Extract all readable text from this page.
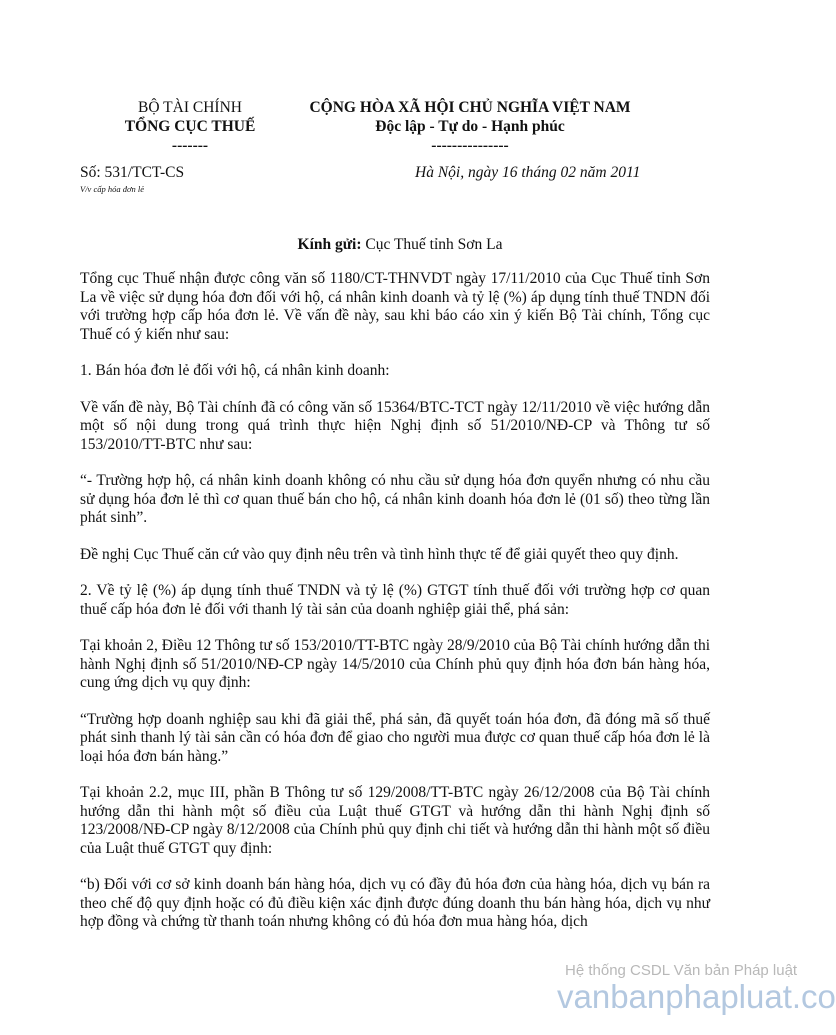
BỘ TÀI CHÍNH
TỔNG CỤC THUẾ
-------
CỘNG HÒA XÃ HỘI CHỦ NGHĨA VIỆT NAM
Độc lập - Tự do - Hạnh phúc
---------------
Số: 531/TCT-CS
V/v cấp hóa đơn lẻ
Hà Nội, ngày 16 tháng 02 năm 2011
Kính gửi: Cục Thuế tỉnh Sơn La

Tổng cục Thuế nhận được công văn số 1180/CT-THNVDT ngày 17/11/2010 của Cục Thuế tỉnh Sơn La về việc sử dụng hóa đơn đối với hộ, cá nhân kinh doanh và tỷ lệ (%) áp dụng tính thuế TNDN đối với trường hợp cấp hóa đơn lẻ. Về vấn đề này, sau khi báo cáo xin ý kiến Bộ Tài chính, Tổng cục Thuế có ý kiến như sau:

1. Bán hóa đơn lẻ đối với hộ, cá nhân kinh doanh:

Về vấn đề này, Bộ Tài chính đã có công văn số 15364/BTC-TCT ngày 12/11/2010 về việc hướng dẫn một số nội dung trong quá trình thực hiện Nghị định số 51/2010/NĐ-CP và Thông tư số 153/2010/TT-BTC như sau:

“- Trường hợp hộ, cá nhân kinh doanh không có nhu cầu sử dụng hóa đơn quyển nhưng có nhu cầu sử dụng hóa đơn lẻ thì cơ quan thuế bán cho hộ, cá nhân kinh doanh hóa đơn lẻ (01 số) theo từng lần phát sinh”.

Đề nghị Cục Thuế căn cứ vào quy định nêu trên và tình hình thực tế để giải quyết theo quy định.

2. Về tỷ lệ (%) áp dụng tính thuế TNDN và tỷ lệ (%) GTGT tính thuế đối với trường hợp cơ quan thuế cấp hóa đơn lẻ đối với thanh lý tài sản của doanh nghiệp giải thể, phá sản:

Tại khoản 2, Điều 12 Thông tư số 153/2010/TT-BTC ngày 28/9/2010 của Bộ Tài chính hướng dẫn thi hành Nghị định số 51/2010/NĐ-CP ngày 14/5/2010 của Chính phủ quy định hóa đơn bán hàng hóa, cung ứng dịch vụ quy định:

“Trường hợp doanh nghiệp sau khi đã giải thể, phá sản, đã quyết toán hóa đơn, đã đóng mã số thuế phát sinh thanh lý tài sản cần có hóa đơn để giao cho người mua được cơ quan thuế cấp hóa đơn lẻ là loại hóa đơn bán hàng.”

Tại khoản 2.2, mục III, phần B Thông tư số 129/2008/TT-BTC ngày 26/12/2008 của Bộ Tài chính hướng dẫn thi hành một số điều của Luật thuế GTGT và hướng dẫn thi hành Nghị định số 123/2008/NĐ-CP ngày 8/12/2008 của Chính phủ quy định chi tiết và hướng dẫn thi hành một số điều của Luật thuế GTGT quy định:

“b) Đối với cơ sở kinh doanh bán hàng hóa, dịch vụ có đầy đủ hóa đơn của hàng hóa, dịch vụ bán ra theo chế độ quy định hoặc có đủ điều kiện xác định được đúng doanh thu bán hàng hóa, dịch vụ như hợp đồng và chứng từ thanh toán nhưng không có đủ hóa đơn mua hàng hóa, dịch

Hệ thống CSDL Văn bản Pháp luật
vanbanphapluat.co
